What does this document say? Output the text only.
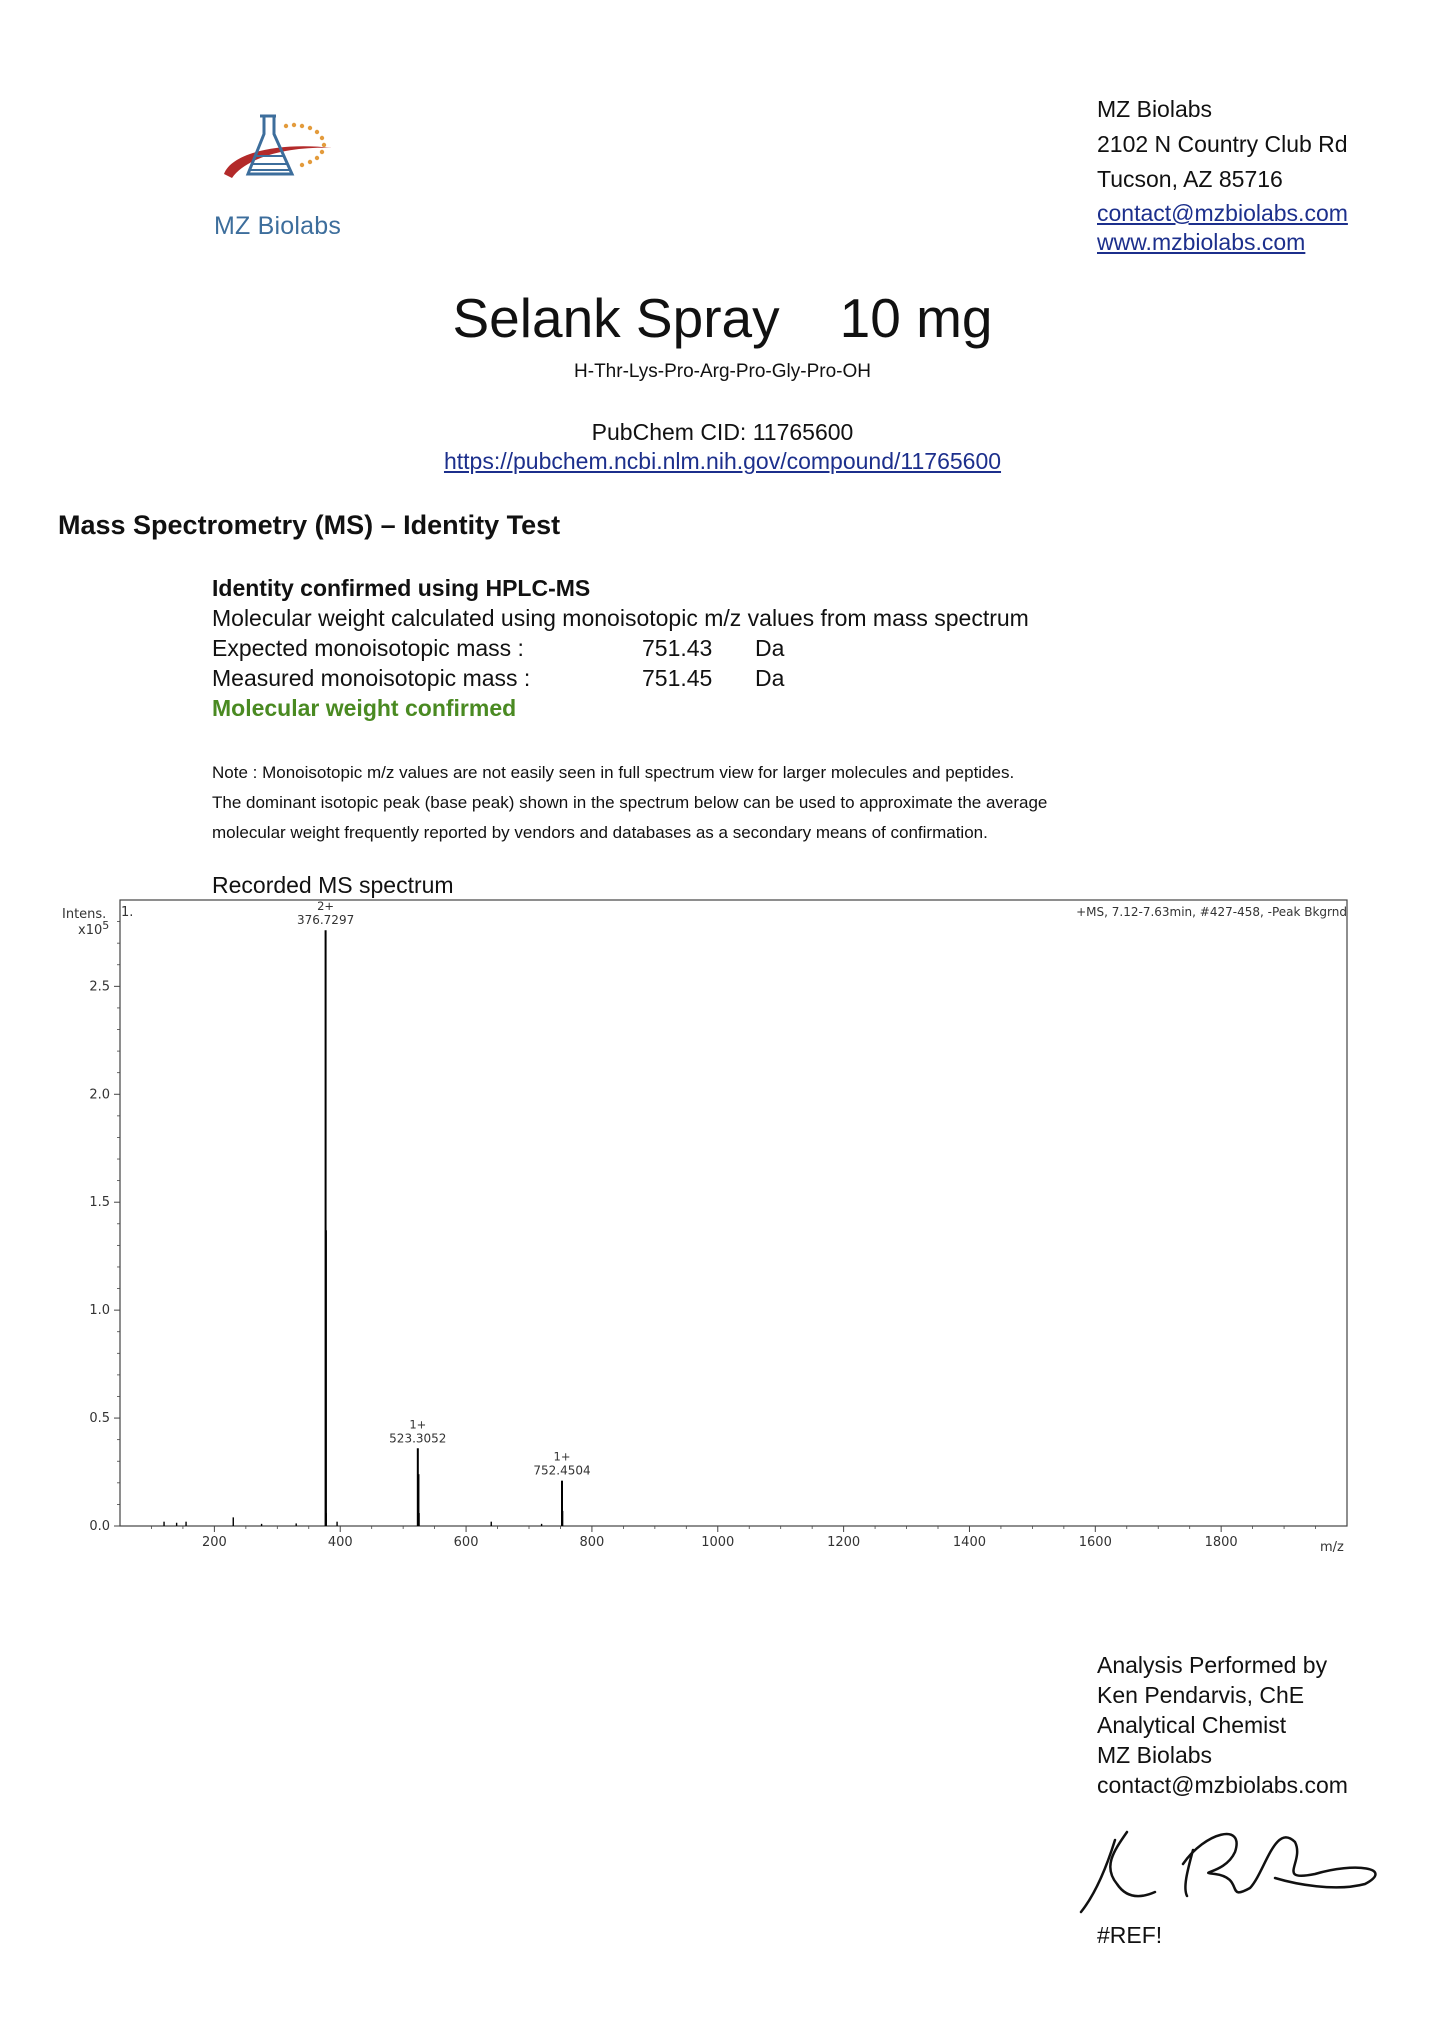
MZ Biolabs
MZ Biolabs
2102 N Country Club Rd
Tucson, AZ 85716
contact@mzbiolabs.com
www.mzbiolabs.com
Selank Spray 10 mg
H-Thr-Lys-Pro-Arg-Pro-Gly-Pro-OH
PubChem CID: 11765600
https://pubchem.ncbi.nlm.nih.gov/compound/11765600
Mass Spectrometry (MS) – Identity Test
Identity confirmed using HPLC-MS
Molecular weight calculated using monoisotopic m/z values from mass spectrum
Expected monoisotopic mass :	751.43 Da
Measured monoisotopic mass :	751.45 Da
Molecular weight confirmed
Note : Monoisotopic m/z values are not easily seen in full spectrum view for larger molecules and peptides.
The dominant isotopic peak (base peak) shown in the spectrum below can be used to approximate the average
molecular weight frequently reported by vendors and databases as a secondary means of confirmation.
Recorded MS spectrum
0.0
0.5
1.0
1.5
2.0
2.5
200	400	600	800	1000	1200	1400	1600	1800
2+
376.7297
1+
523.3052
1+
752.4504
Intens.
$x10^5$
1.	+MS, 7.12-7.63min, #427-458, -Peak Bkgrnd
m/z
Analysis Performed by
Ken Pendarvis, ChE
Analytical Chemist
MZ Biolabs
contact@mzbiolabs.com
#REF!
